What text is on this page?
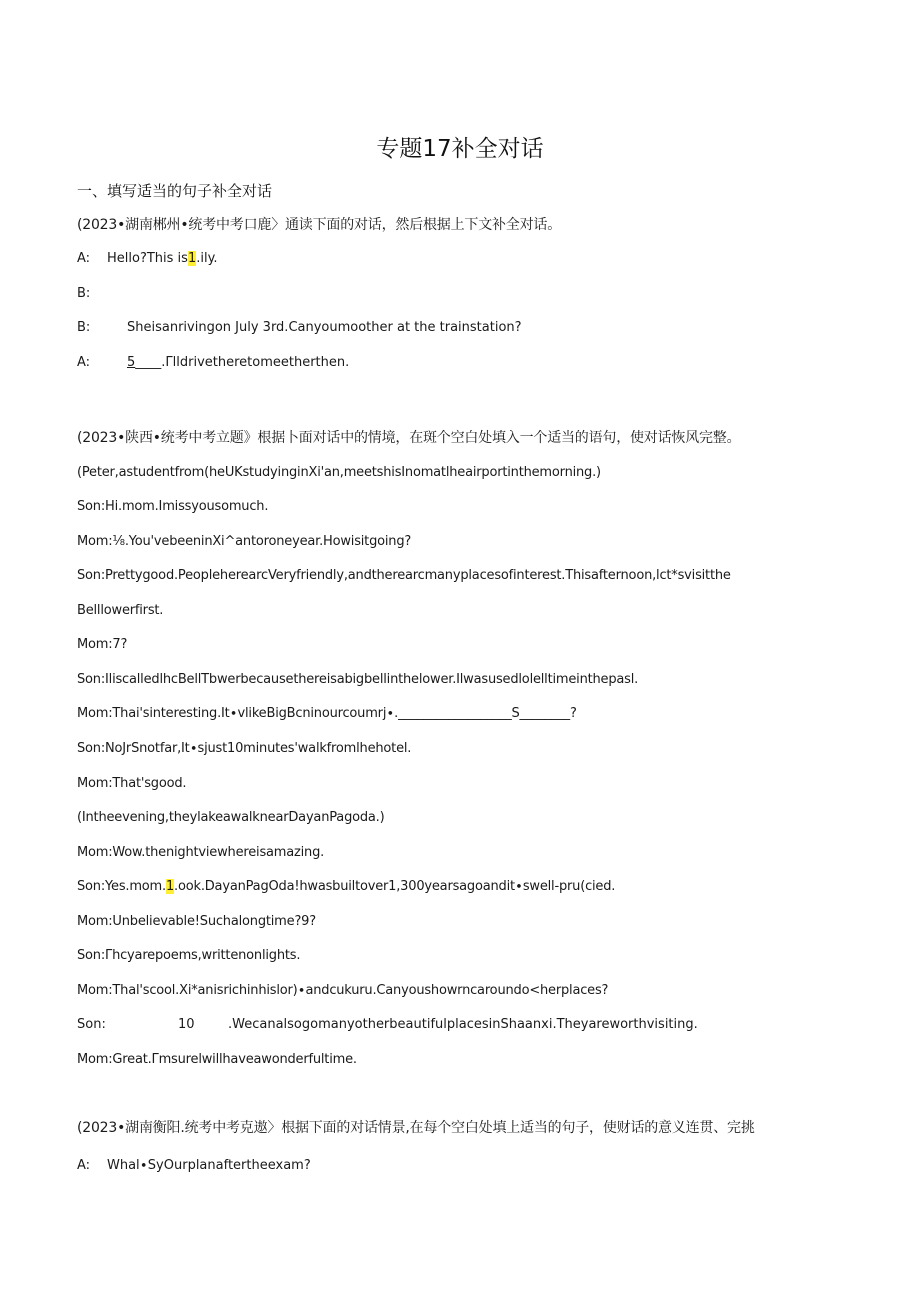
专题17补全对话
一、填写适当的句子补全对话
(2023•湖南郴州•统考中考口鹿〉通读下面的对话，然后根据上下文补全对话。
A: Hello?This is1.ily.
B:
B:	Sheisanrivingon July 3rd.Canyoumoother at the trainstation?
A:	5____.Γlldrivetheretomeetherthen.
(2023•陕西•统考中考立题》根据卜面对话中的情境，在斑个空白处填入一个适当的语句，使对话恢风完整。
(Peter,astudentfrom(heUKstudyinginXi'an,meetshisInomatlheairportinthemorning.)
Son:Hi.mom.Imissyousomuch.
Mom:⅛.You'vebeeninXi^antoroneyear.Howisitgoing?
Son:Prettygood.PeopleherearcVeryfriendly,andtherearcmanyplacesofinterest.Thisafternoon,lct*svisitthe
Belllowerfirst.
Mom:7?
Son:IliscalledlhcBellTbwerbecausethereisabigbellinthelower.Ilwasusedlolelltimeinthepasl.
Mom:Thai'sinteresting.It∙vlikeBigBcninourcoumrj∙.__________________S________?
Son:NoJrSnotfar,It∙sjust10minutes'walkfromlhehotel.
Mom:That'sgood.
(Intheevening,theylakeawalknearDayanPagoda.)
Mom:Wow.thenightviewhereisamazing.
Son:Yes.mom.1.ook.DayanPagOda!hwasbuiltover1,300yearsagoandit∙swell-pru(cied.
Mom:Unbelievable!Suchalongtime?9?
Son:Γhcyarepoems,writtenonlights.
Mom:Thal'scool.Xi*anisrichinhislor)∙andcukuru.Canyoushowrncaroundo<herplaces?
Son:	10	.WecanalsogomanyotherbeautifulplacesinShaanxi.Theyareworthvisiting.
Mom:Great.Γmsurelwillhaveawonderfultime.
(2023•湖南衡阳.统考中考克遨〉根据下面的对话情景,在每个空白处填上适当的句子，使财话的意义连贯、完挑
A: Whal∙SyOurplanaftertheexam?
